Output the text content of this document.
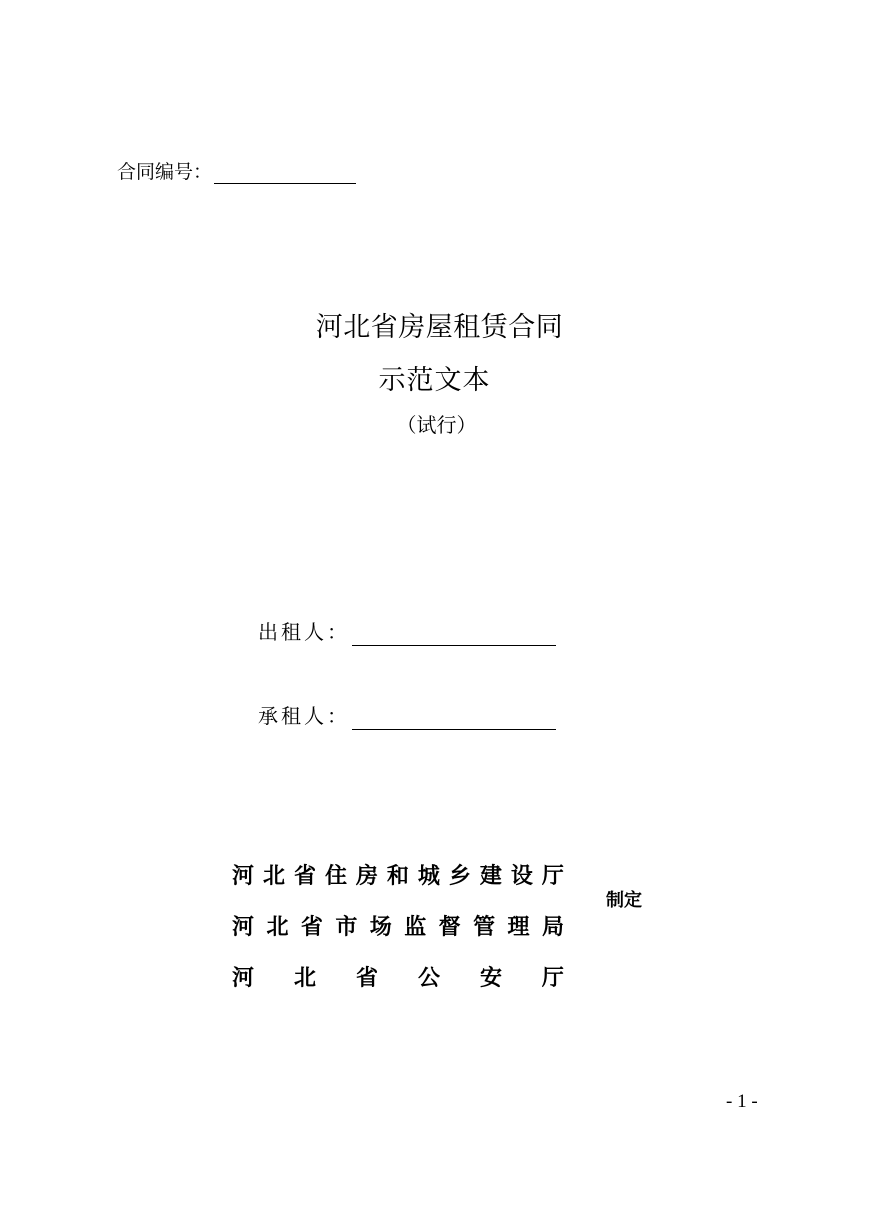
合同编号：
河北省房屋租赁合同
示范文本
（试行）
出租人：
承租人：
河 北 省 住 房 和 城 乡 建 设 厅
河 北 省 市 场 监 督 管 理 局
河 北 省 公 安 厅
制定
- 1 -
